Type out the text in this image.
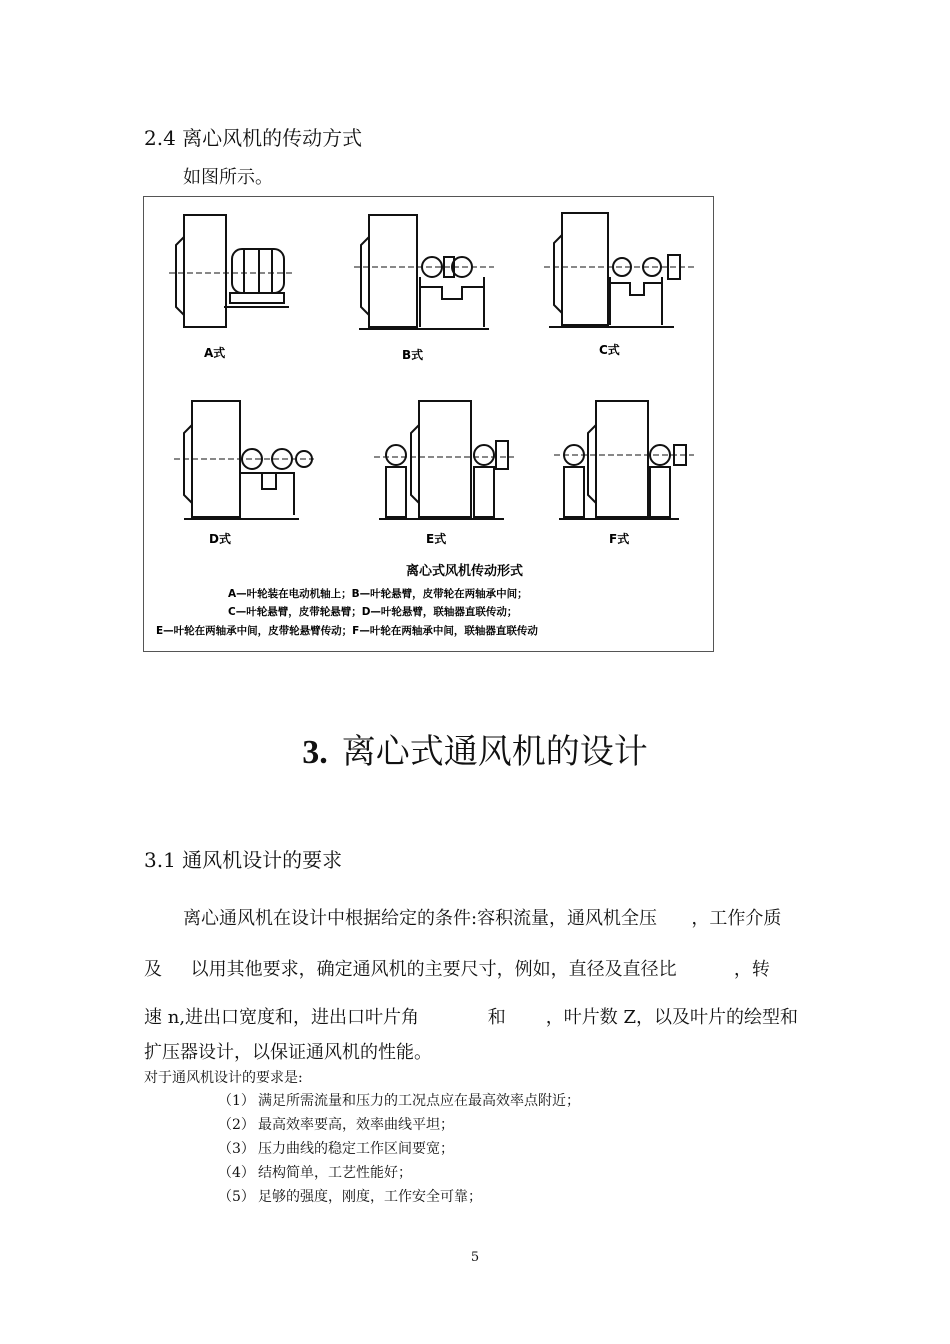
2.4 离心风机的传动方式
如图所示。
A式	B式	C式
D式	E式	F式
离心式风机传动形式
A—叶轮装在电动机轴上；B—叶轮悬臂，皮带轮在两轴承中间；
C—叶轮悬臂，皮带轮悬臂；D—叶轮悬臂，联轴器直联传动；
E—叶轮在两轴承中间，皮带轮悬臂传动；F—叶轮在两轴承中间，联轴器直联传动
3. 离心式通风机的设计
3.1 通风机设计的要求
离心通风机在设计中根据给定的条件:容积流量，通风机全压      ，工作介质
及     以用其他要求，确定通风机的主要尺寸，例如，直径及直径比          ，转
速 n,进出口宽度和，进出口叶片角            和       ，叶片数 Z，以及叶片的绘型和
扩压器设计，以保证通风机的性能。
对于通风机设计的要求是:
（1） 满足所需流量和压力的工况点应在最高效率点附近；
（2） 最高效率要高，效率曲线平坦；
（3） 压力曲线的稳定工作区间要宽；
（4） 结构简单，工艺性能好；
（5） 足够的强度，刚度，工作安全可靠；
5
